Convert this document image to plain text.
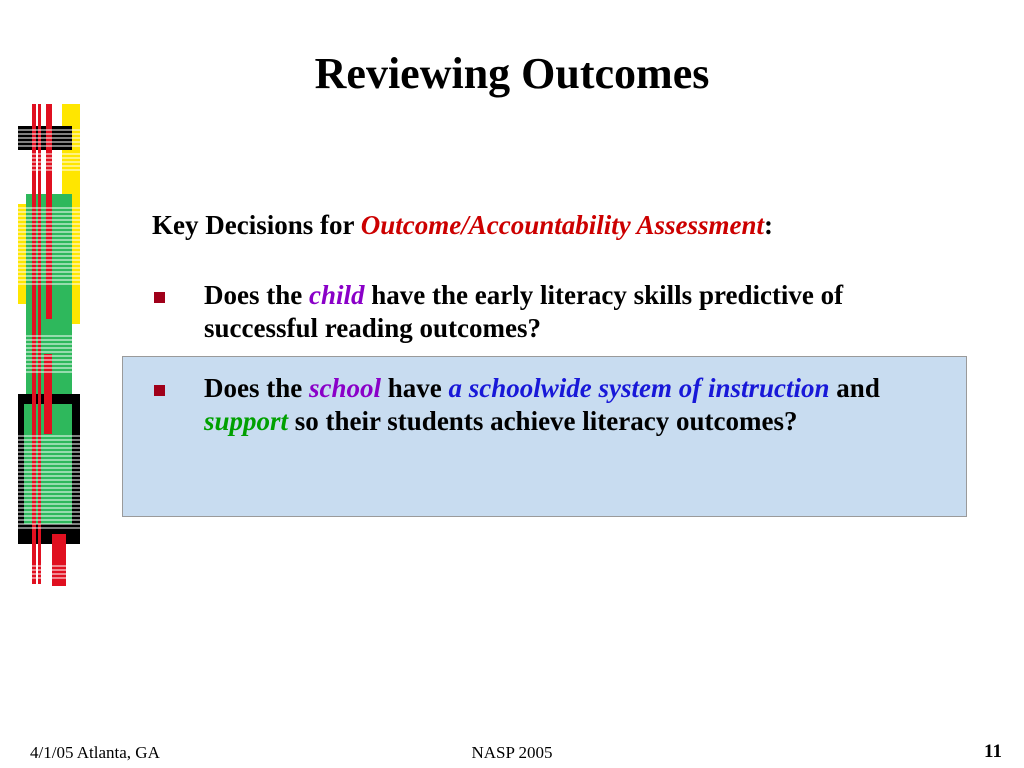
Reviewing Outcomes
Key Decisions for Outcome/Accountability Assessment:
Does the child have the early literacy skills predictive of successful reading outcomes?
Does the school have a schoolwide system of instruction and support so their students achieve literacy outcomes?
4/1/05 Atlanta, GA	NASP 2005	11
